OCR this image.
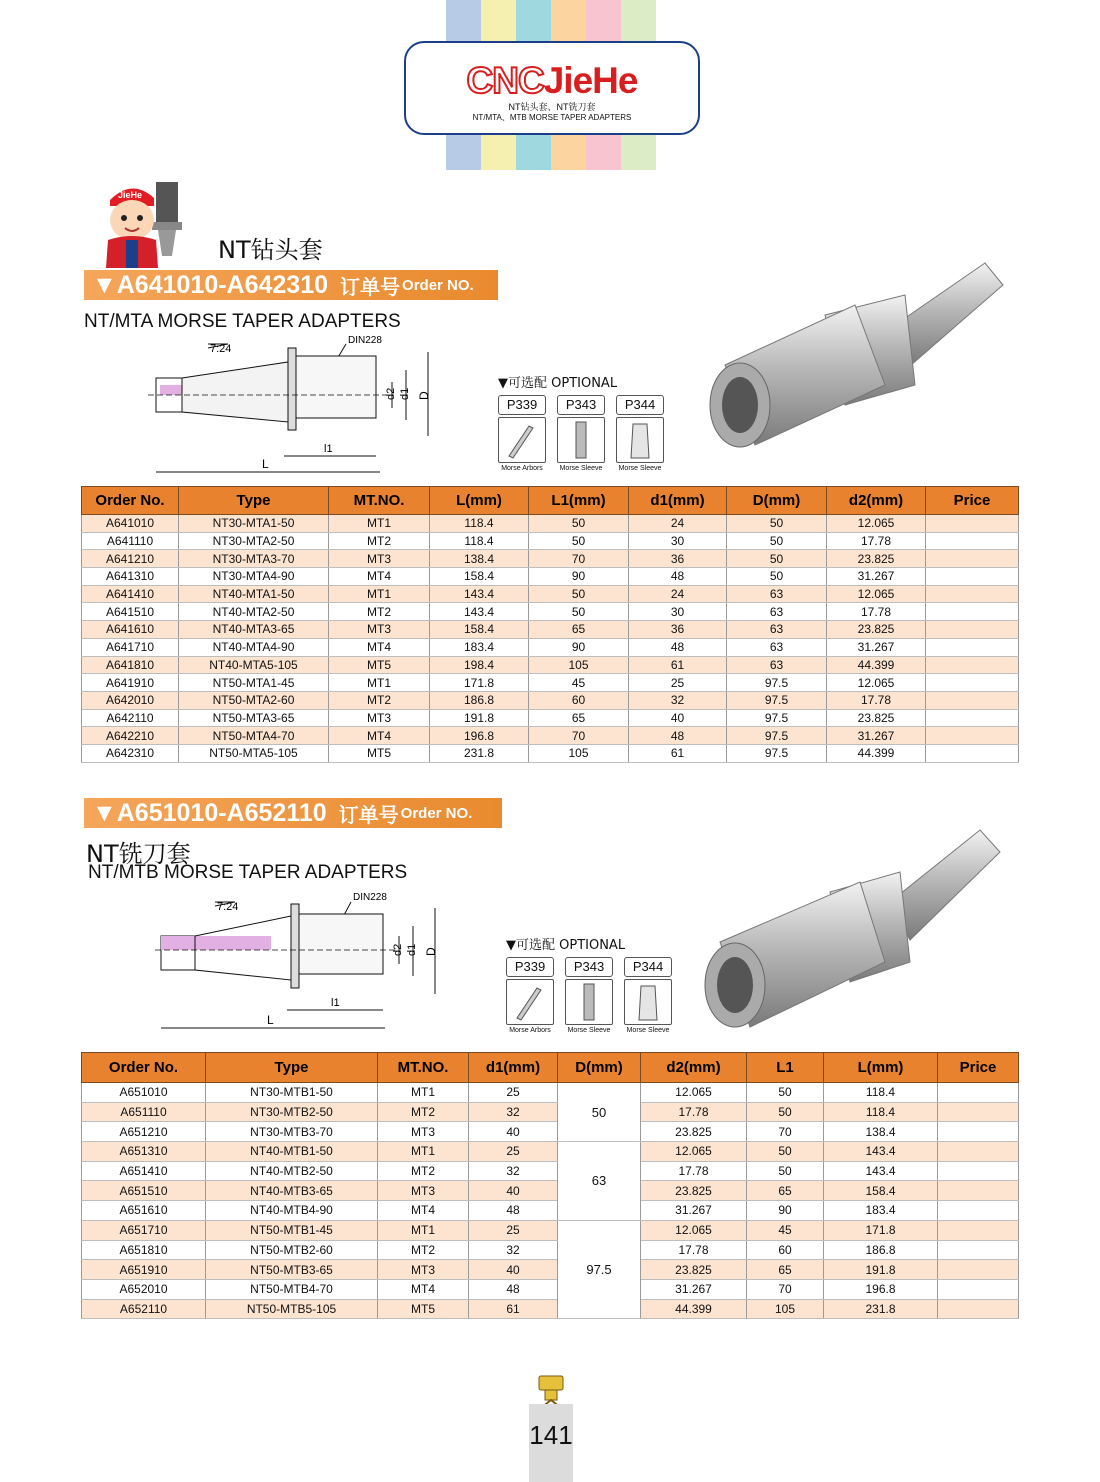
CNCJieHe
NT钻头套、NT铣刀套
NT/MTA、MTB MORSE TAPER ADAPTERS
JieHe
NT钻头套
▼A641010-A642310 订单号 Order NO.
NT/MTA MORSE TAPER ADAPTERS
7:24
DIN228
d2 d1 D
l1
L
▼可选配 OPTIONAL
P339
Morse Arbors
P343
Morse Sleeve
P344
Morse Sleeve
Order No.	Type	MT.NO.	L(mm)	L1(mm)	d1(mm)	D(mm)	d2(mm)	Price
A641010	NT30-MTA1-50	MT1	118.4	50	24	50	12.065	
A641110	NT30-MTA2-50	MT2	118.4	50	30	50	17.78	
A641210	NT30-MTA3-70	MT3	138.4	70	36	50	23.825	
A641310	NT30-MTA4-90	MT4	158.4	90	48	50	31.267	
A641410	NT40-MTA1-50	MT1	143.4	50	24	63	12.065	
A641510	NT40-MTA2-50	MT2	143.4	50	30	63	17.78	
A641610	NT40-MTA3-65	MT3	158.4	65	36	63	23.825	
A641710	NT40-MTA4-90	MT4	183.4	90	48	63	31.267	
A641810	NT40-MTA5-105	MT5	198.4	105	61	63	44.399	
A641910	NT50-MTA1-45	MT1	171.8	45	25	97.5	12.065	
A642010	NT50-MTA2-60	MT2	186.8	60	32	97.5	17.78	
A642110	NT50-MTA3-65	MT3	191.8	65	40	97.5	23.825	
A642210	NT50-MTA4-70	MT4	196.8	70	48	97.5	31.267	
A642310	NT50-MTA5-105	MT5	231.8	105	61	97.5	44.399	
▼A651010-A652110 订单号 Order NO.
NT铣刀套
NT/MTB MORSE TAPER ADAPTERS
7:24
DIN228
d2 d1 D
l1
L
▼可选配 OPTIONAL
P339
Morse Arbors
P343
Morse Sleeve
P344
Morse Sleeve
Order No.	Type	MT.NO.	d1(mm)	D(mm)	d2(mm)	L1	L(mm)	Price
A651010	NT30-MTB1-50	MT1	25	50	12.065	50	118.4	
A651110	NT30-MTB2-50	MT2	32		17.78	50	118.4	
A651210	NT30-MTB3-70	MT3	40		23.825	70	138.4	
A651310	NT40-MTB1-50	MT1	25	63	12.065	50	143.4	
A651410	NT40-MTB2-50	MT2	32		17.78	50	143.4	
A651510	NT40-MTB3-65	MT3	40		23.825	65	158.4	
A651610	NT40-MTB4-90	MT4	48		31.267	90	183.4	
A651710	NT50-MTB1-45	MT1	25	97.5	12.065	45	171.8	
A651810	NT50-MTB2-60	MT2	32		17.78	60	186.8	
A651910	NT50-MTB3-65	MT3	40		23.825	65	191.8	
A652010	NT50-MTB4-70	MT4	48		31.267	70	196.8	
A652110	NT50-MTB5-105	MT5	61		44.399	105	231.8	
141
